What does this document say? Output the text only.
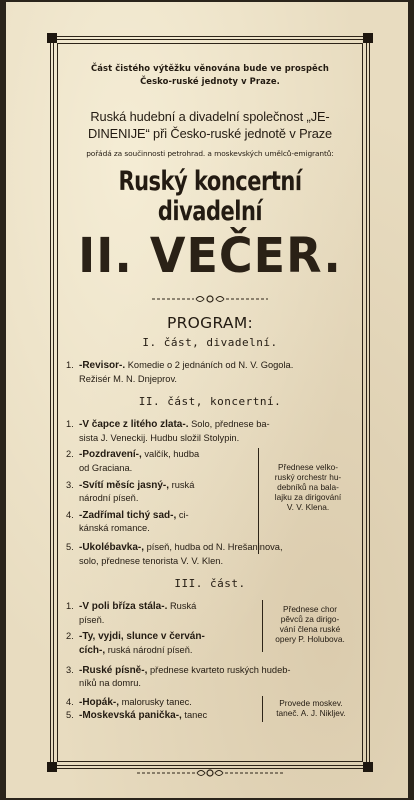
Část čistého výtěžku věnována bude ve prospěch
Česko-ruské jednoty v Praze.
Ruská hudební a divadelní společnost „JE-
DINENIJE“ při Česko-ruské jednotě v Praze
pořádá za součinnosti petrohrad. a moskevských umělců-emigrantů:
Ruský koncertní divadelní
II. VEČER.
PROGRAM:
I. část, divadelní.
1. -Revisor-. Komedie o 2 jednáních od N. V. Gogola.
Režisér M. N. Dnjeprov.
II. část, koncertní.
1. -V čapce z litého zlata-. Solo, přednese ba-
sista J. Veneckij. Hudbu složil Stolypin.
2. -Pozdravení-, valčík, hudba
od Graciana.
3. -Svítí měsíc jasný-, ruská
národní píseň.
4. -Zadřímal tichý sad-, ci-
kánská romance.
Přednese velko-
ruský orchestr hu-
debníků na bala-
lajku za dirigování
V. V. Klena.
5. -Ukolébavka-, píseň, hudba od N. Hrešaninova,
solo, přednese tenorista V. V. Klen.
III. část.
1. -V poli bříza stála-. Ruská
píseň.
2. -Ty, vyjdi, slunce v červán-
cích-, ruská národní píseň.
Přednese chor
pěvců za dirigo-
vání člena ruské
opery P. Holubova.
3. -Ruské písně-, přednese kvarteto ruských hudeb-
níků na domru.
4. -Hopák-, malorusky tanec.
5. -Moskevská panička-, tanec
Provede moskev.
taneč. A. J. Nikljev.
